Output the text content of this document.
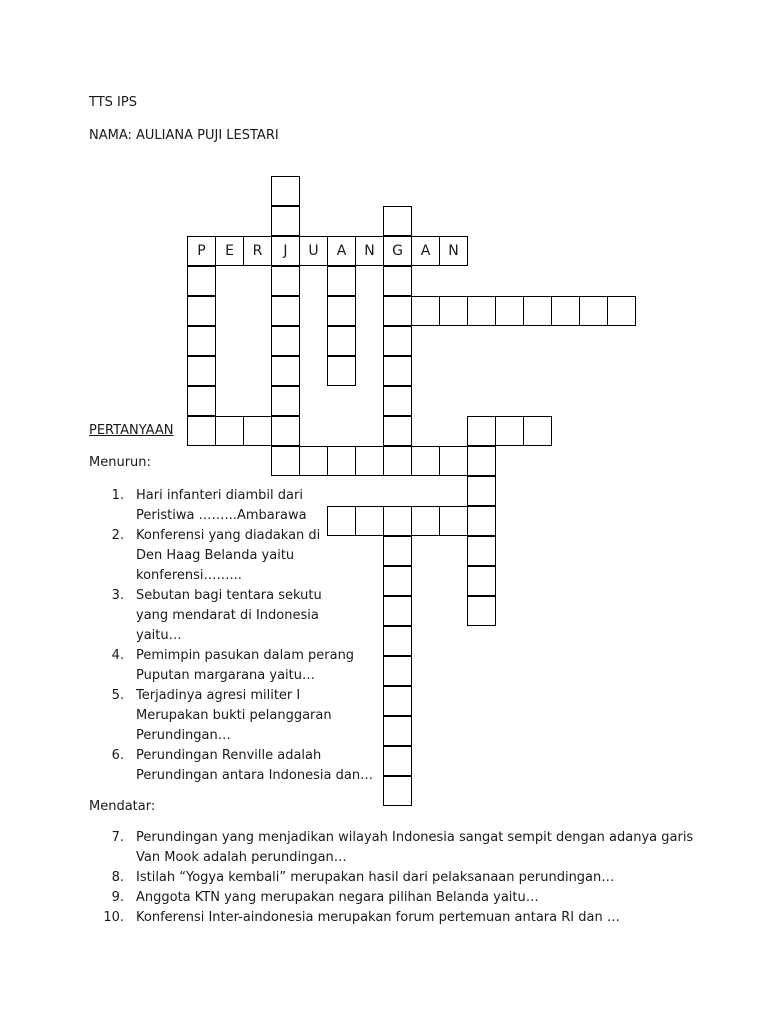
TTS IPS
NAMA: AULIANA PUJI LESTARI
P	E	R	J	U	A	N	G	A	N
PERTANYAAN
Menurun:
1. Hari infanteri diambil dari
Peristiwa ……...Ambarawa
2. Konferensi yang diadakan di
Den Haag Belanda yaitu
konferensi……...
3. Sebutan bagi tentara sekutu
yang mendarat di Indonesia
yaitu…
4. Pemimpin pasukan dalam perang
Puputan margarana yaitu…
5. Terjadinya agresi militer I
Merupakan bukti pelanggaran
Perundingan…
6. Perundingan Renville adalah
Perundingan antara Indonesia dan…
Mendatar:
7. Perundingan yang menjadikan wilayah Indonesia sangat sempit dengan adanya garis
Van Mook adalah perundingan…
8. Istilah “Yogya kembali” merupakan hasil dari pelaksanaan perundingan…
9. Anggota KTN yang merupakan negara pilihan Belanda yaitu…
10. Konferensi Inter-aindonesia merupakan forum pertemuan antara RI dan …
